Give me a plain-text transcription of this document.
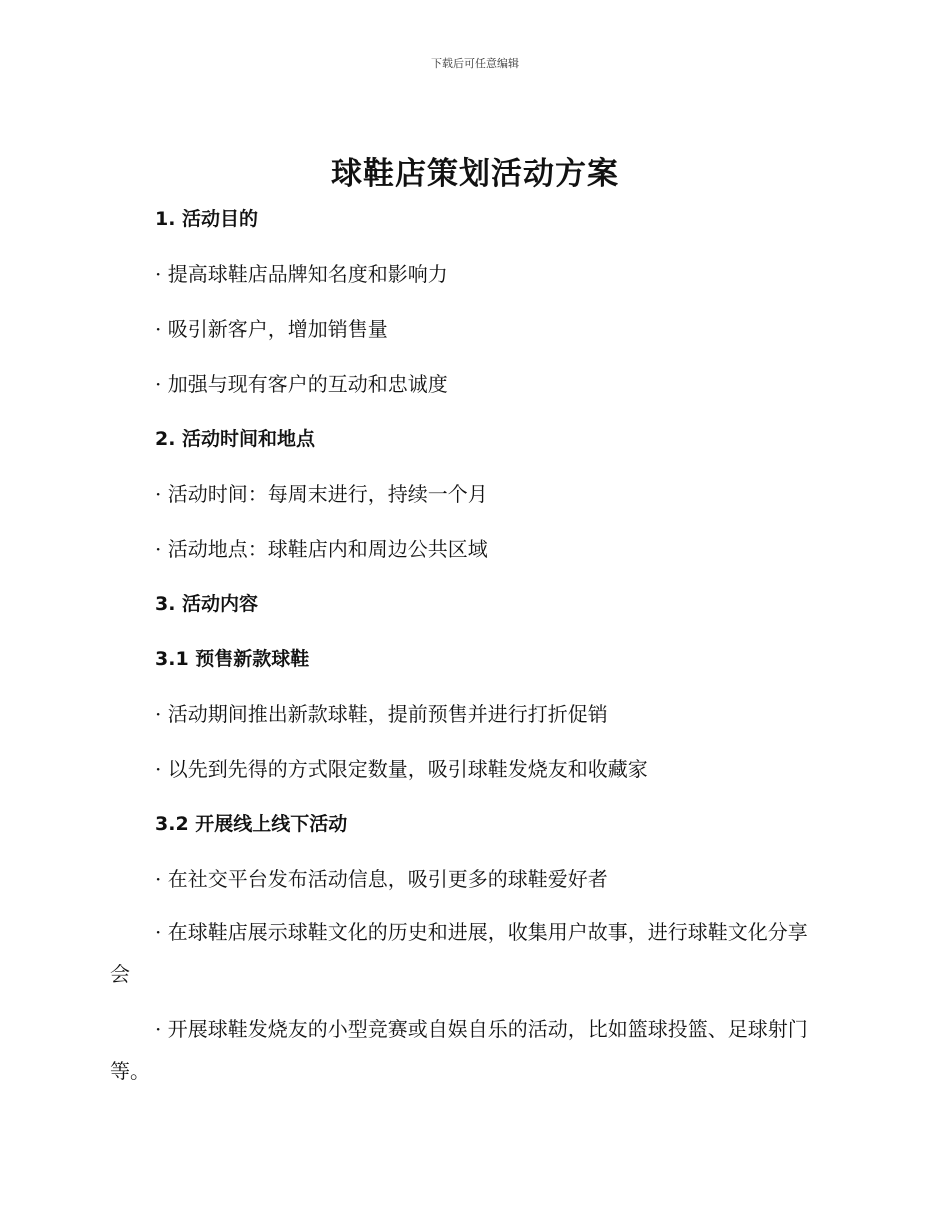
下载后可任意编辑
球鞋店策划活动方案
1. 活动目的
· 提高球鞋店品牌知名度和影响力
· 吸引新客户，增加销售量
· 加强与现有客户的互动和忠诚度
2. 活动时间和地点
· 活动时间：每周末进行，持续一个月
· 活动地点：球鞋店内和周边公共区域
3. 活动内容
3.1 预售新款球鞋
· 活动期间推出新款球鞋，提前预售并进行打折促销
· 以先到先得的方式限定数量，吸引球鞋发烧友和收藏家
3.2 开展线上线下活动
· 在社交平台发布活动信息，吸引更多的球鞋爱好者

· 在球鞋店展示球鞋文化的历史和进展，收集用户故事，进行球鞋文化分享会

· 开展球鞋发烧友的小型竞赛或自娱自乐的活动，比如篮球投篮、足球射门等。
